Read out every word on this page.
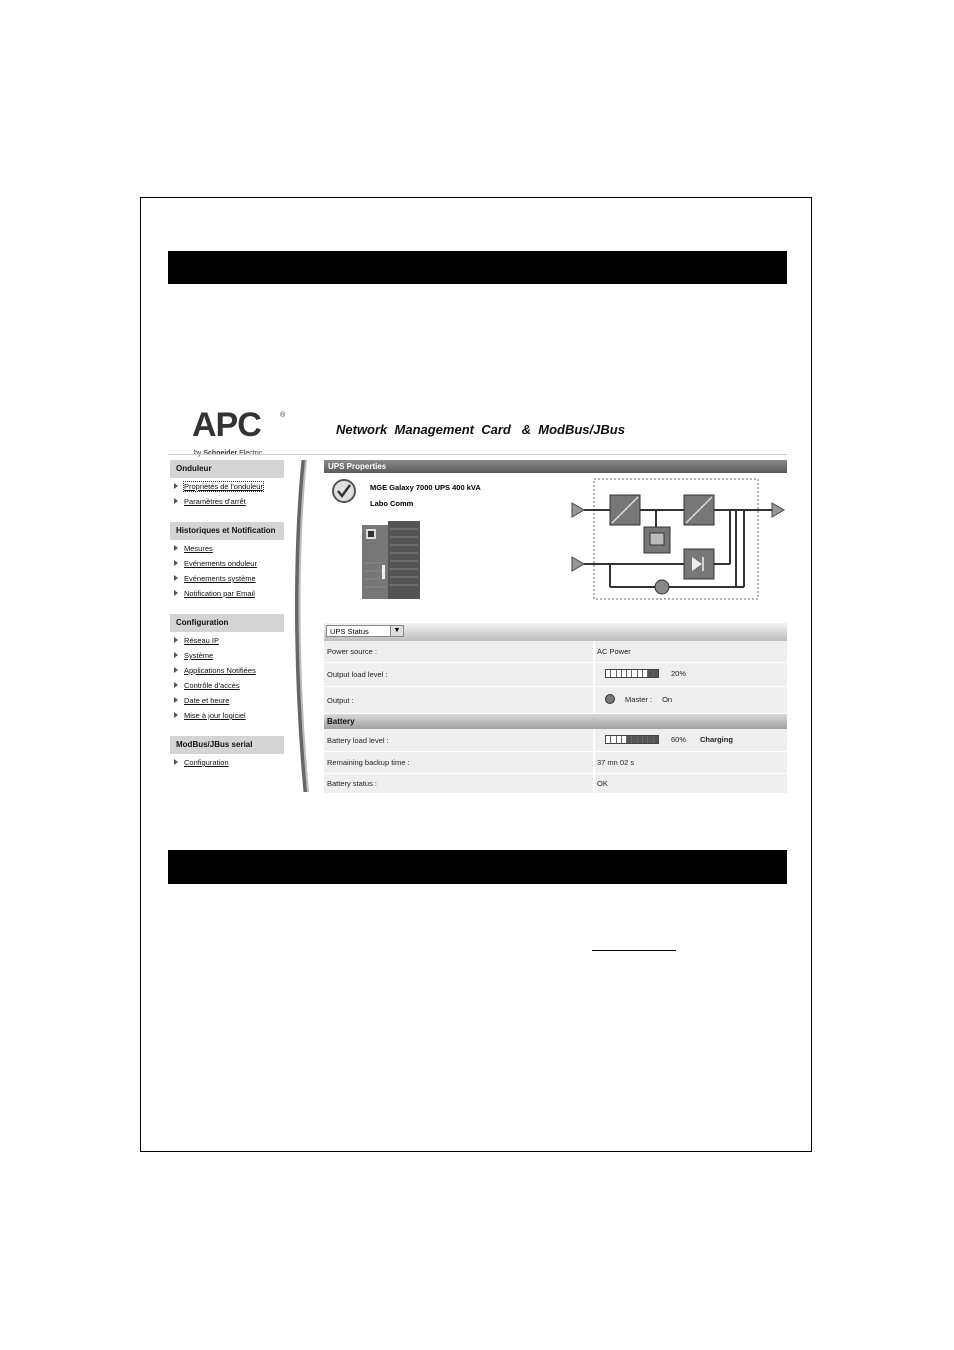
APC	®
Network  Management  Card   &  ModBus/JBus
Onduleur
Propriétés de l'onduleur
Paramètres d'arrêt
Historiques et Notification
Mesures
Evénements onduleur
Evénements système
Notification par Email
Configuration
Réseau IP
Système
Applications Notifiées
Contrôle d'accès
Date et heure
Mise à jour logiciel
ModBus/JBus serial
Configuration
UPS Properties
MGE Galaxy 7000 UPS 400 kVA
Labo Comm
UPS Status	▼
Power source :	AC Power
Output load level :	20%
Output :	Master : On
Battery
Battery load level :	60% Charging
Remaining backup time :	37 mn 02 s
Battery status :	OK
